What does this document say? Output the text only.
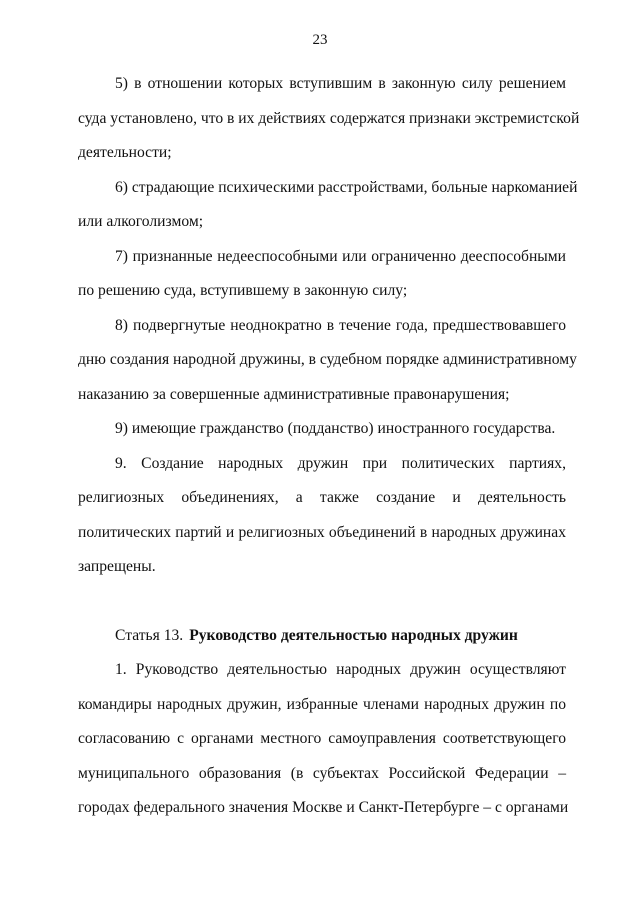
23

5) в отношении которых вступившим в законную силу решением
суда установлено, что в их действиях содержатся признаки экстремистской
деятельности;

6) страдающие психическими расстройствами, больные наркоманией
или алкоголизмом;

7) признанные недееспособными или ограниченно дееспособными
по решению суда, вступившему в законную силу;

8) подвергнутые неоднократно в течение года, предшествовавшего
дню создания народной дружины, в судебном порядке административному
наказанию за совершенные административные правонарушения;

9) имеющие гражданство (подданство) иностранного государства.

9. Создание народных дружин при политических партиях,
религиозных объединениях, а также создание и деятельность
политических партий и религиозных объединений в народных дружинах
запрещены.

Статья 13. Руководство деятельностью народных дружин

1. Руководство деятельностью народных дружин осуществляют
командиры народных дружин, избранные членами народных дружин по
согласованию с органами местного самоуправления соответствующего
муниципального образования (в субъектах Российской Федерации –
городах федерального значения Москве и Санкт-Петербурге – с органами
